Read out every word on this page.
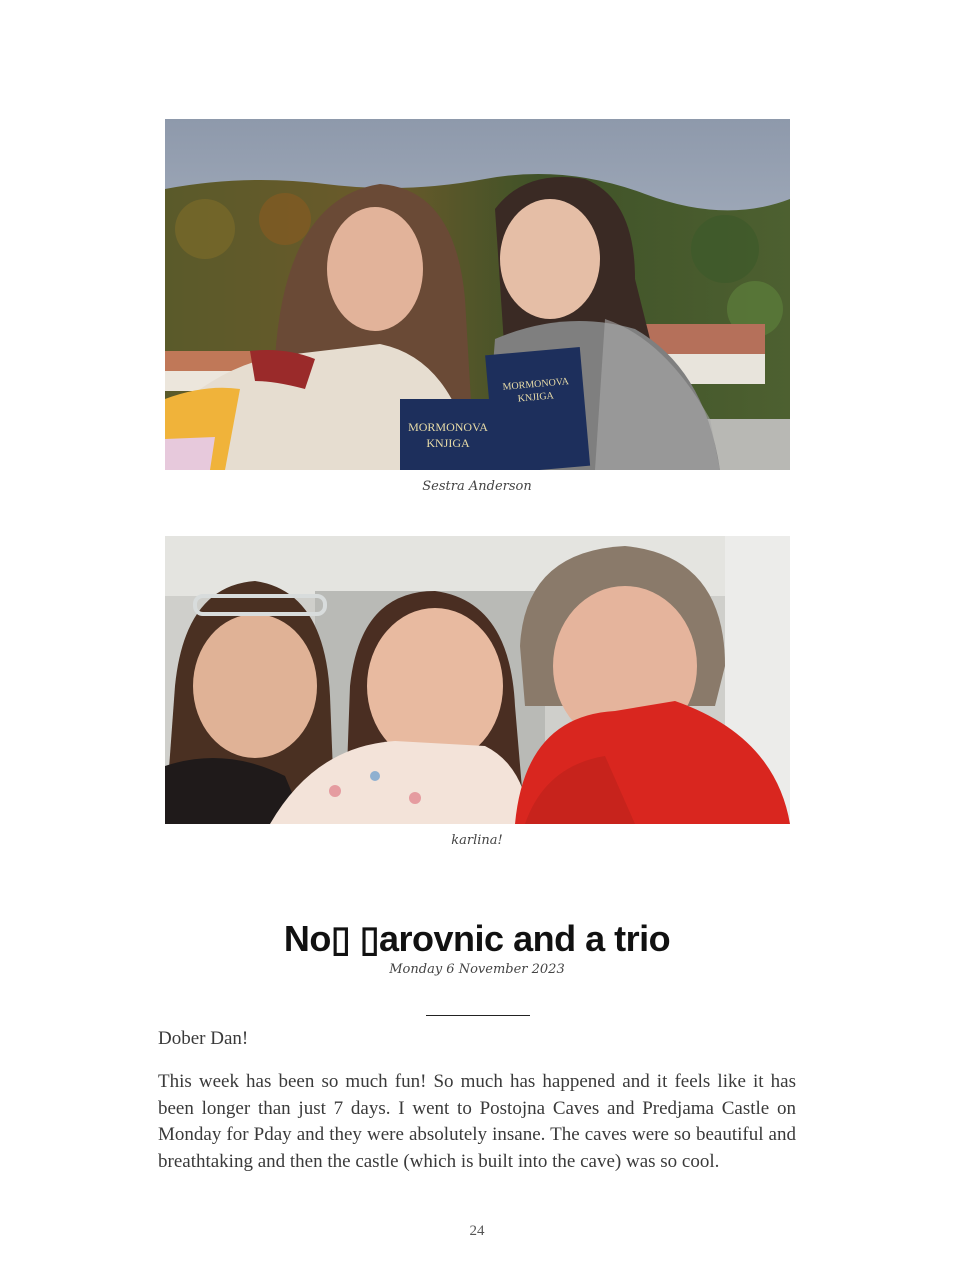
MORMONOVA
KNJIGA
MORMONOVA
KNJIGA
Sestra Anderson
karlina!
No▯ ▯arovnic and a trio
Monday 6 November 2023

Dober Dan!

This week has been so much fun! So much has happened and it feels like it has been longer than just 7 days. I went to Postojna Caves and Predjama Castle on Monday for Pday and they were absolutely insane. The caves were so beautiful and breathtaking and then the castle (which is built into the cave) was so cool.

24
